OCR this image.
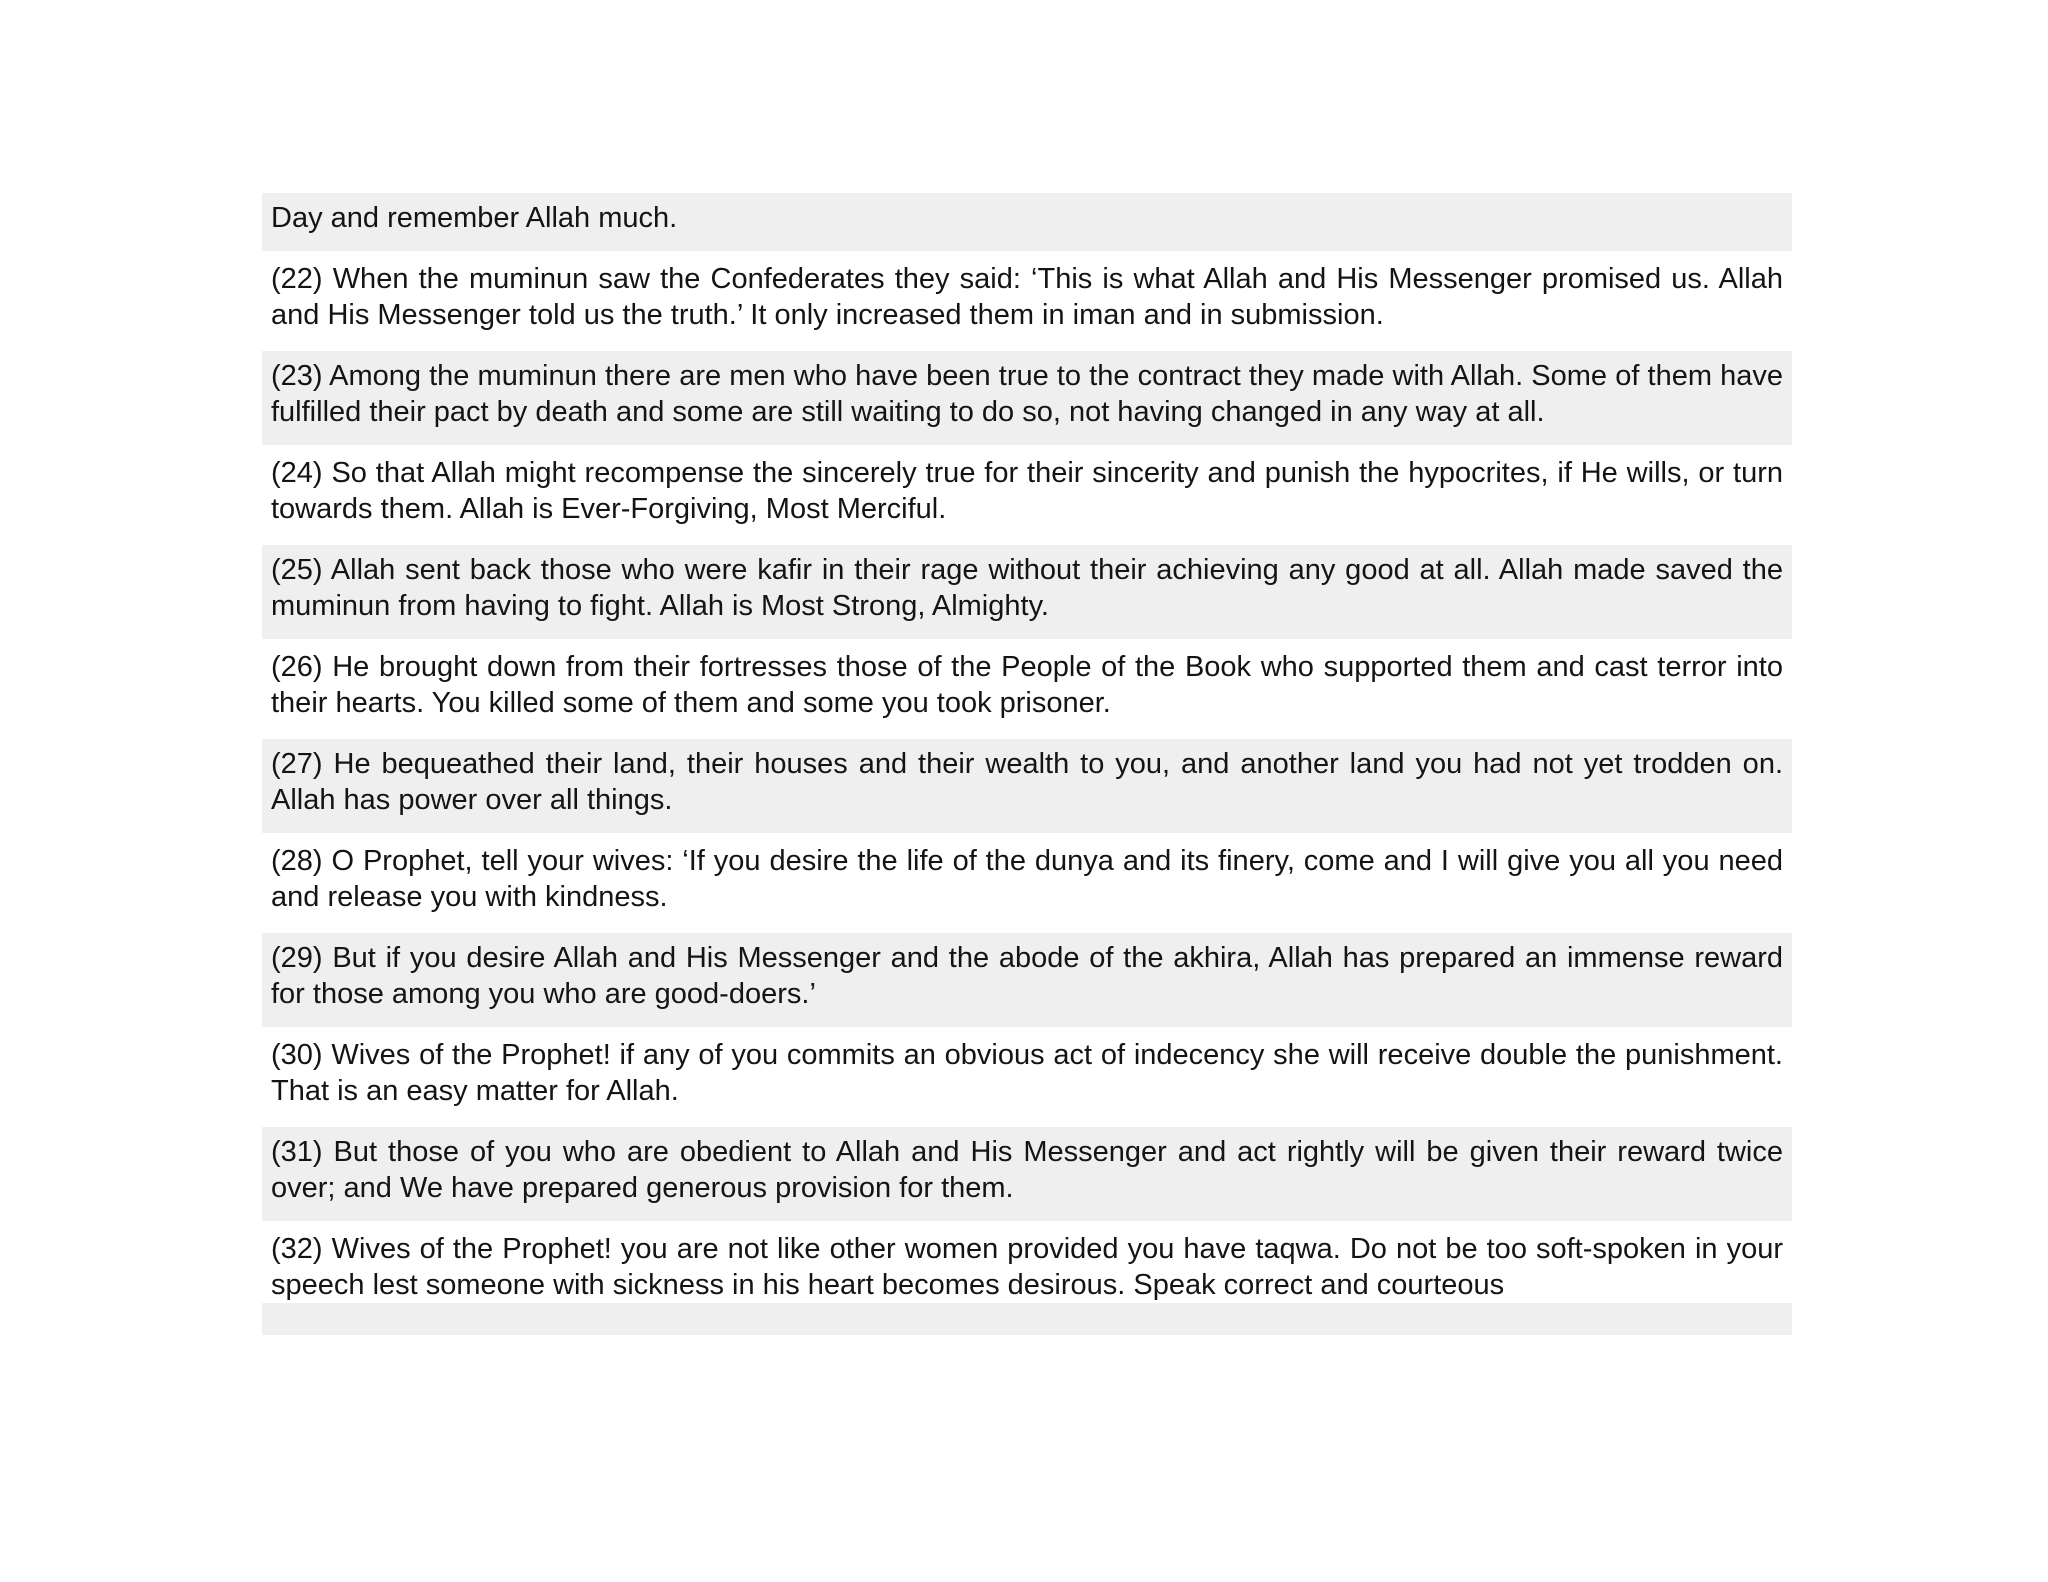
Day and remember Allah much.
(22) When the muminun saw the Confederates they said: ‘This is what Allah and His Messenger promised us. Allah and His Messenger told us the truth.’ It only increased them in iman and in submission.
(23) Among the muminun there are men who have been true to the contract they made with Allah. Some of them have fulfilled their pact by death and some are still waiting to do so, not having changed in any way at all.
(24) So that Allah might recompense the sincerely true for their sincerity and punish the hypocrites, if He wills, or turn towards them. Allah is Ever-Forgiving, Most Merciful.
(25) Allah sent back those who were kafir in their rage without their achieving any good at all. Allah made saved the muminun from having to fight. Allah is Most Strong, Almighty.
(26) He brought down from their fortresses those of the People of the Book who supported them and cast terror into their hearts. You killed some of them and some you took prisoner.
(27) He bequeathed their land, their houses and their wealth to you, and another land you had not yet trodden on. Allah has power over all things.
(28) O Prophet, tell your wives: ‘If you desire the life of the dunya and its finery, come and I will give you all you need and release you with kindness.
(29) But if you desire Allah and His Messenger and the abode of the akhira, Allah has prepared an immense reward for those among you who are good-doers.’
(30) Wives of the Prophet! if any of you commits an obvious act of indecency she will receive double the punishment. That is an easy matter for Allah.
(31) But those of you who are obedient to Allah and His Messenger and act rightly will be given their reward twice over; and We have prepared generous provision for them.
(32) Wives of the Prophet! you are not like other women provided you have taqwa. Do not be too soft-spoken in your speech lest someone with sickness in his heart becomes desirous. Speak correct and courteous
